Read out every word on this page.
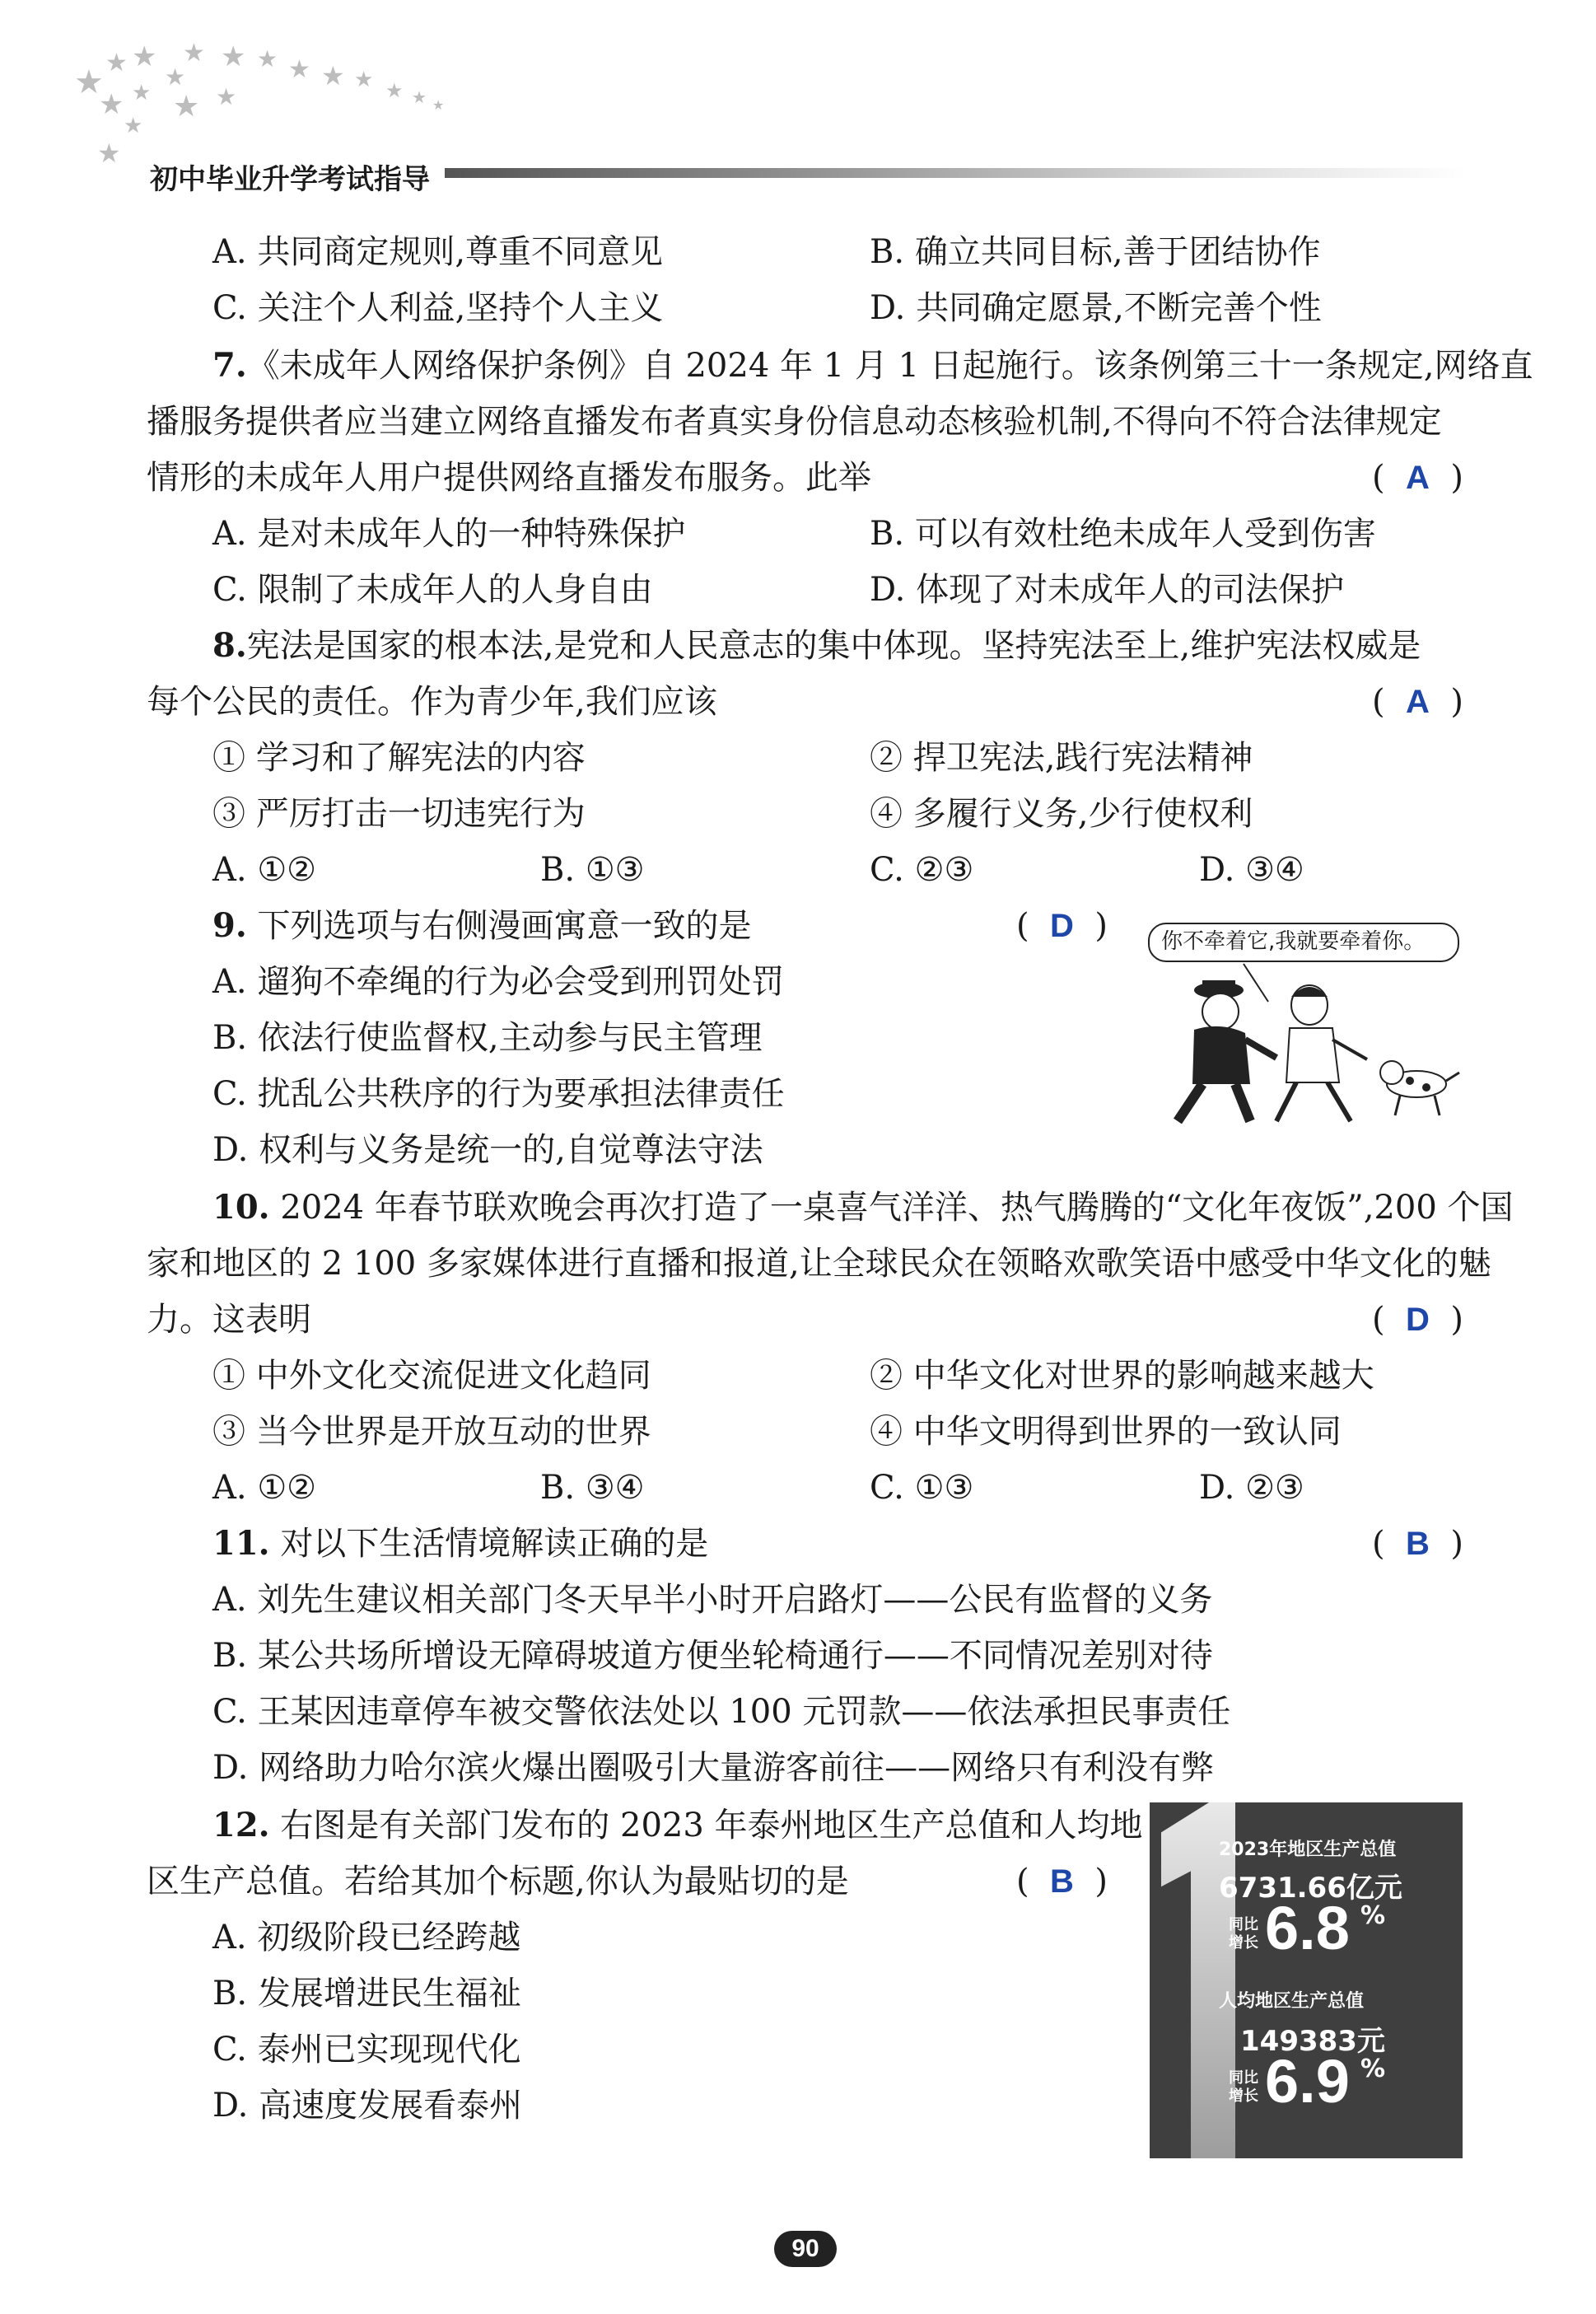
★
★ ★
★
★ ★ ★ ★ ★ ★ ★ ★
★ ★ ★ ★
★
★
★
初中毕业升学考试指导
A. 共同商定规则,尊重不同意见	B. 确立共同目标,善于团结协作
C. 关注个人利益,坚持个人主义	D. 共同确定愿景,不断完善个性
7.《未成年人网络保护条例》自 2024 年 1 月 1 日起施行。该条例第三十一条规定,网络直
播服务提供者应当建立网络直播发布者真实身份信息动态核验机制,不得向不符合法律规定
情形的未成年人用户提供网络直播发布服务。此举	(  A  )
A. 是对未成年人的一种特殊保护	B. 可以有效杜绝未成年人受到伤害
C. 限制了未成年人的人身自由	D. 体现了对未成年人的司法保护
8.宪法是国家的根本法,是党和人民意志的集中体现。坚持宪法至上,维护宪法权威是
每个公民的责任。作为青少年,我们应该	(  A  )
① 学习和了解宪法的内容	② 捍卫宪法,践行宪法精神
③ 严厉打击一切违宪行为	④ 多履行义务,少行使权利
A. ①②	B. ①③	C. ②③	D. ③④
9. 下列选项与右侧漫画寓意一致的是	(  D  )
A. 遛狗不牵绳的行为必会受到刑罚处罚
B. 依法行使监督权,主动参与民主管理
C. 扰乱公共秩序的行为要承担法律责任
D. 权利与义务是统一的,自觉尊法守法
你不牵着它,我就要牵着你。
10. 2024 年春节联欢晚会再次打造了一桌喜气洋洋、热气腾腾的“文化年夜饭”,200 个国
家和地区的 2 100 多家媒体进行直播和报道,让全球民众在领略欢歌笑语中感受中华文化的魅
力。这表明	(  D  )
① 中外文化交流促进文化趋同	② 中华文化对世界的影响越来越大
③ 当今世界是开放互动的世界	④ 中华文明得到世界的一致认同
A. ①②	B. ③④	C. ①③	D. ②③
11. 对以下生活情境解读正确的是	(  B  )
A. 刘先生建议相关部门冬天早半小时开启路灯——公民有监督的义务
B. 某公共场所增设无障碍坡道方便坐轮椅通行——不同情况差别对待
C. 王某因违章停车被交警依法处以 100 元罚款——依法承担民事责任
D. 网络助力哈尔滨火爆出圈吸引大量游客前往——网络只有利没有弊
12. 右图是有关部门发布的 2023 年泰州地区生产总值和人均地
区生产总值。若给其加个标题,你认为最贴切的是	(  B  )
A. 初级阶段已经跨越
B. 发展增进民生福祉
C. 泰州已实现现代化
D. 高速度发展看泰州
2023年地区生产总值
6731.66亿元
同比
增长 6.8 %
人均地区生产总值
149383元
同比
增长 6.9 %
90
